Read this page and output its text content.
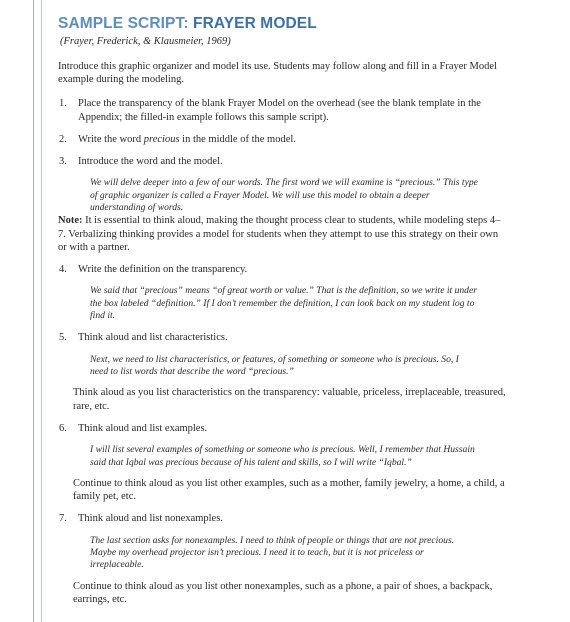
SAMPLE SCRIPT: FRAYER MODEL
(Frayer, Frederick, & Klausmeier, 1969)

Introduce this graphic organizer and model its use. Students may follow along and fill in a Frayer Model example during the modeling.

1. Place the transparency of the blank Frayer Model on the overhead (see the blank template in the Appendix; the filled-in example follows this sample script).
2. Write the word precious in the middle of the model.
3. Introduce the word and the model.
We will delve deeper into a few of our words. The first word we will examine is “precious.” This type of graphic organizer is called a Frayer Model. We will use this model to obtain a deeper understanding of words.

Note: It is essential to think aloud, making the thought process clear to students, while modeling steps 4–7. Verbalizing thinking provides a model for students when they attempt to use this strategy on their own or with a partner.

4. Write the definition on the transparency.
We said that “precious” means “of great worth or value.” That is the definition, so we write it under the box labeled “definition.” If I don’t remember the definition, I can look back on my student log to find it.
5. Think aloud and list characteristics.
Next, we need to list characteristics, or features, of something or someone who is precious. So, I need to list words that describe the word “precious.”
Think aloud as you list characteristics on the transparency: valuable, priceless, irreplaceable, treasured, rare, etc.
6. Think aloud and list examples.
I will list several examples of something or someone who is precious. Well, I remember that Hussain said that Iqbal was precious because of his talent and skills, so I will write “Iqbal.”
Continue to think aloud as you list other examples, such as a mother, family jewelry, a home, a child, a family pet, etc.
7. Think aloud and list nonexamples.
The last section asks for nonexamples. I need to think of people or things that are not precious. Maybe my overhead projector isn’t precious. I need it to teach, but it is not priceless or irreplaceable.
Continue to think aloud as you list other nonexamples, such as a phone, a pair of shoes, a backpack, earrings, etc.
